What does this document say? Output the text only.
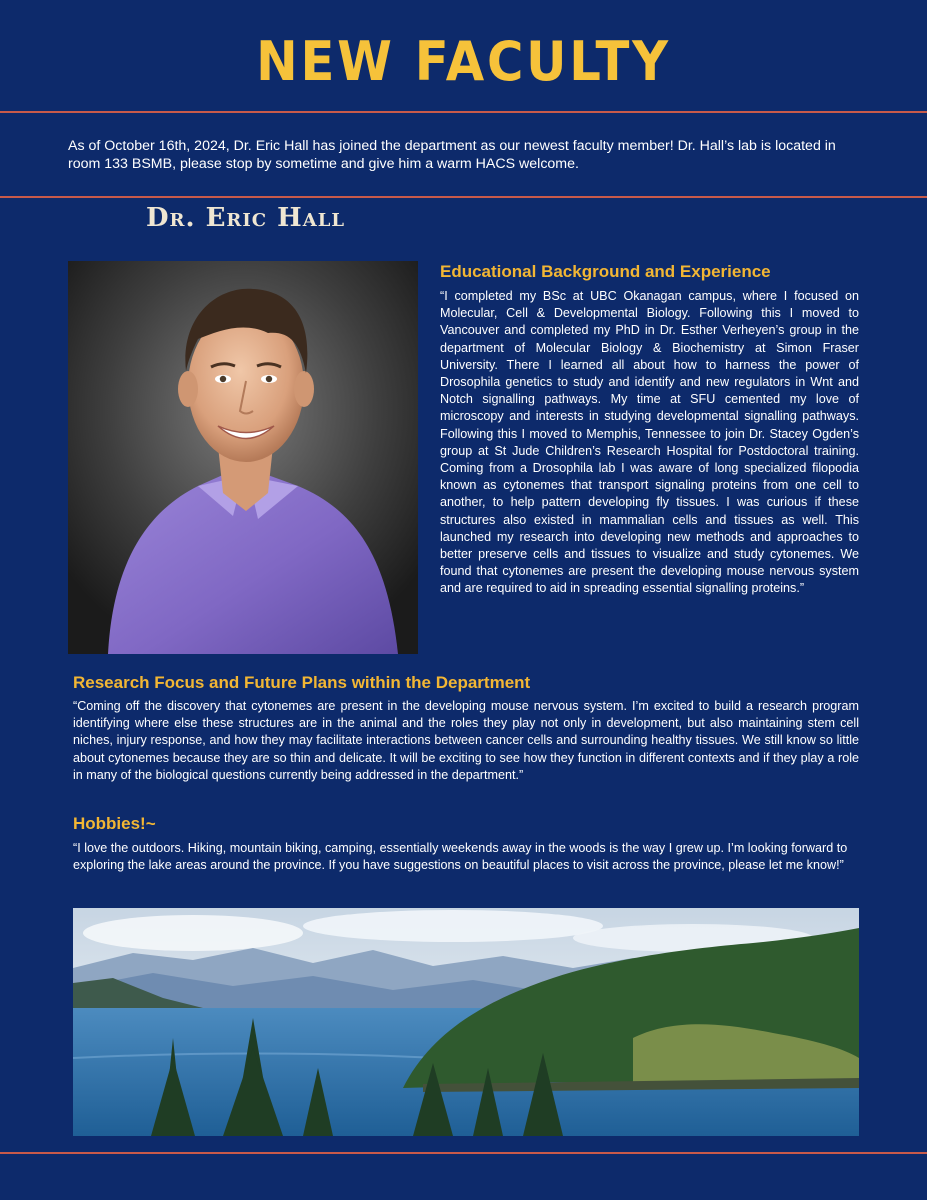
NEW FACULTY

As of October 16th, 2024, Dr. Eric Hall has joined the department as our newest faculty member! Dr. Hall’s lab is located in room 133 BSMB, please stop by sometime and give him a warm HACS welcome.

Dr. Eric Hall
Educational Background and Experience

“I completed my BSc at UBC Okanagan campus, where I focused on Molecular, Cell & Developmental Biology. Following this I moved to Vancouver and completed my PhD in Dr. Esther Verheyen’s group in the department of Molecular Biology & Biochemistry at Simon Fraser University. There I learned all about how to harness the power of Drosophila genetics to study and identify and new regulators in Wnt and Notch signalling pathways. My time at SFU cemented my love of microscopy and interests in studying developmental signalling pathways. Following this I moved to Memphis, Tennessee to join Dr. Stacey Ogden’s group at St Jude Children’s Research Hospital for Postdoctoral training. Coming from a Drosophila lab I was aware of long specialized filopodia known as cytonemes that transport signaling proteins from one cell to another, to help pattern developing fly tissues. I was curious if these structures also existed in mammalian cells and tissues as well. This launched my research into developing new methods and approaches to better preserve cells and tissues to visualize and study cytonemes. We found that cytonemes are present the developing mouse nervous system and are required to aid in spreading essential signalling proteins.”

Research Focus and Future Plans within the Department

“Coming off the discovery that cytonemes are present in the developing mouse nervous system. I’m excited to build a research program identifying where else these structures are in the animal and the roles they play not only in development, but also maintaining stem cell niches, injury response, and how they may facilitate interactions between cancer cells and surrounding healthy tissues. We still know so little about cytonemes because they are so thin and delicate. It will be exciting to see how they function in different contexts and if they play a role in many of the biological questions currently being addressed in the department.”

Hobbies!~

“I love the outdoors. Hiking, mountain biking, camping, essentially weekends away in the woods is the way I grew up. I’m looking forward to exploring the lake areas around the province. If you have suggestions on beautiful places to visit across the province, please let me know!”
